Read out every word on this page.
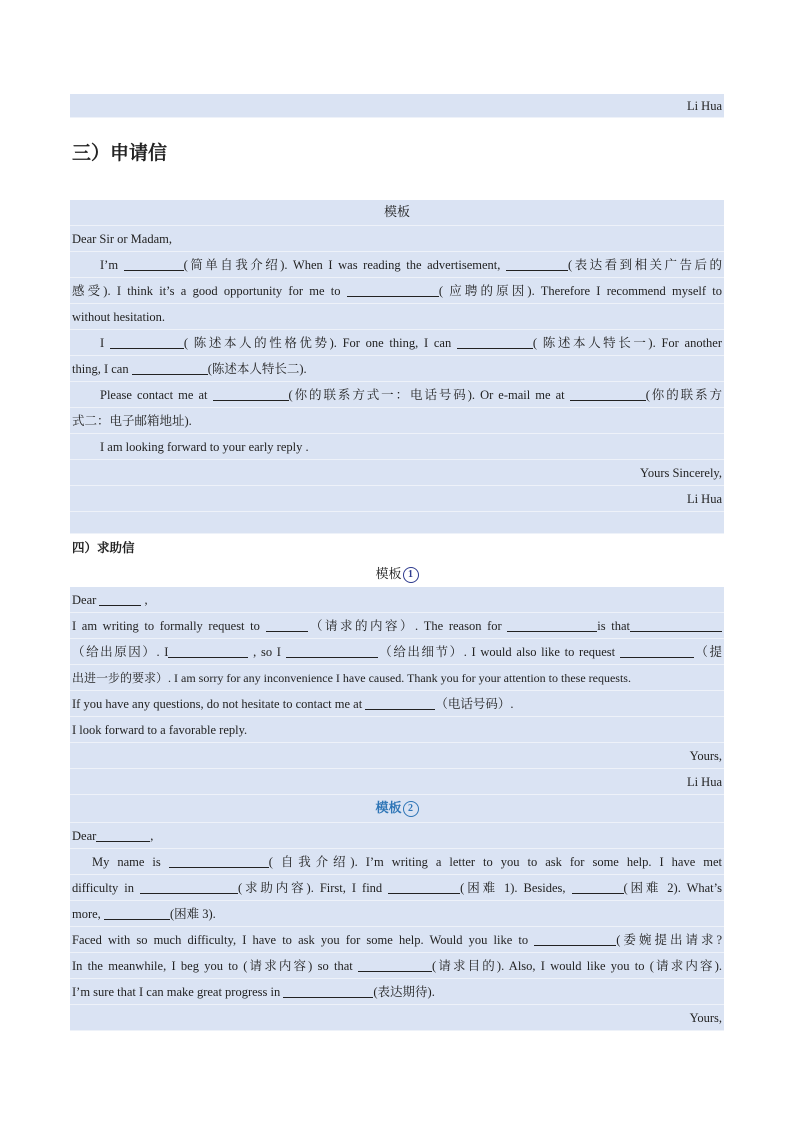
Li Hua
三）申请信
模板
Dear Sir or Madam,
I’m	(简单自我介绍). When I was reading the advertisement,	(表达看到相关广告后的
感受). I think it’s a good opportunity for me to	( 应聘的原因). Therefore I recommend myself to
without hesitation.
I	( 陈述本人的性格优势). For one thing, I can	( 陈述本人特长一). For another
thing, I can	(陈述本人特长二).
Please contact me at	(你的联系方式一：电话号码). Or e-mail me at	(你的联系方
式二：电子邮箱地址).
I am looking forward to your early reply .
Yours Sincerely,
Li Hua
四）求助信
模板 1
Dear	,
I am writing to formally request to	（请求的内容）. The reason for	is that
（给出原因）. I	, so I	（给出细节）. I would also like to request	（提
出进一步的要求）. I am sorry for any inconvenience I have caused. Thank you for your attention to these requests.
If you have any questions, do not hesitate to contact me at	（电话号码）.
I look forward to a favorable reply.
Yours,
Li Hua
模板 2
Dear	,
My name is	( 自我介绍). I’m writing a letter to you to ask for some help. I have met
difficulty in	(求助内容). First, I find	(困难 1). Besides,	(困难 2). What’s
more,	(困难 3).
Faced with so much difficulty, I have to ask you for some help. Would you like to	(委婉提出请求?
In the meanwhile, I beg you to (请求内容) so that	(请求目的). Also, I would like you to (请求内容).
I’m sure that I can make great progress in	(表达期待).
Yours,
